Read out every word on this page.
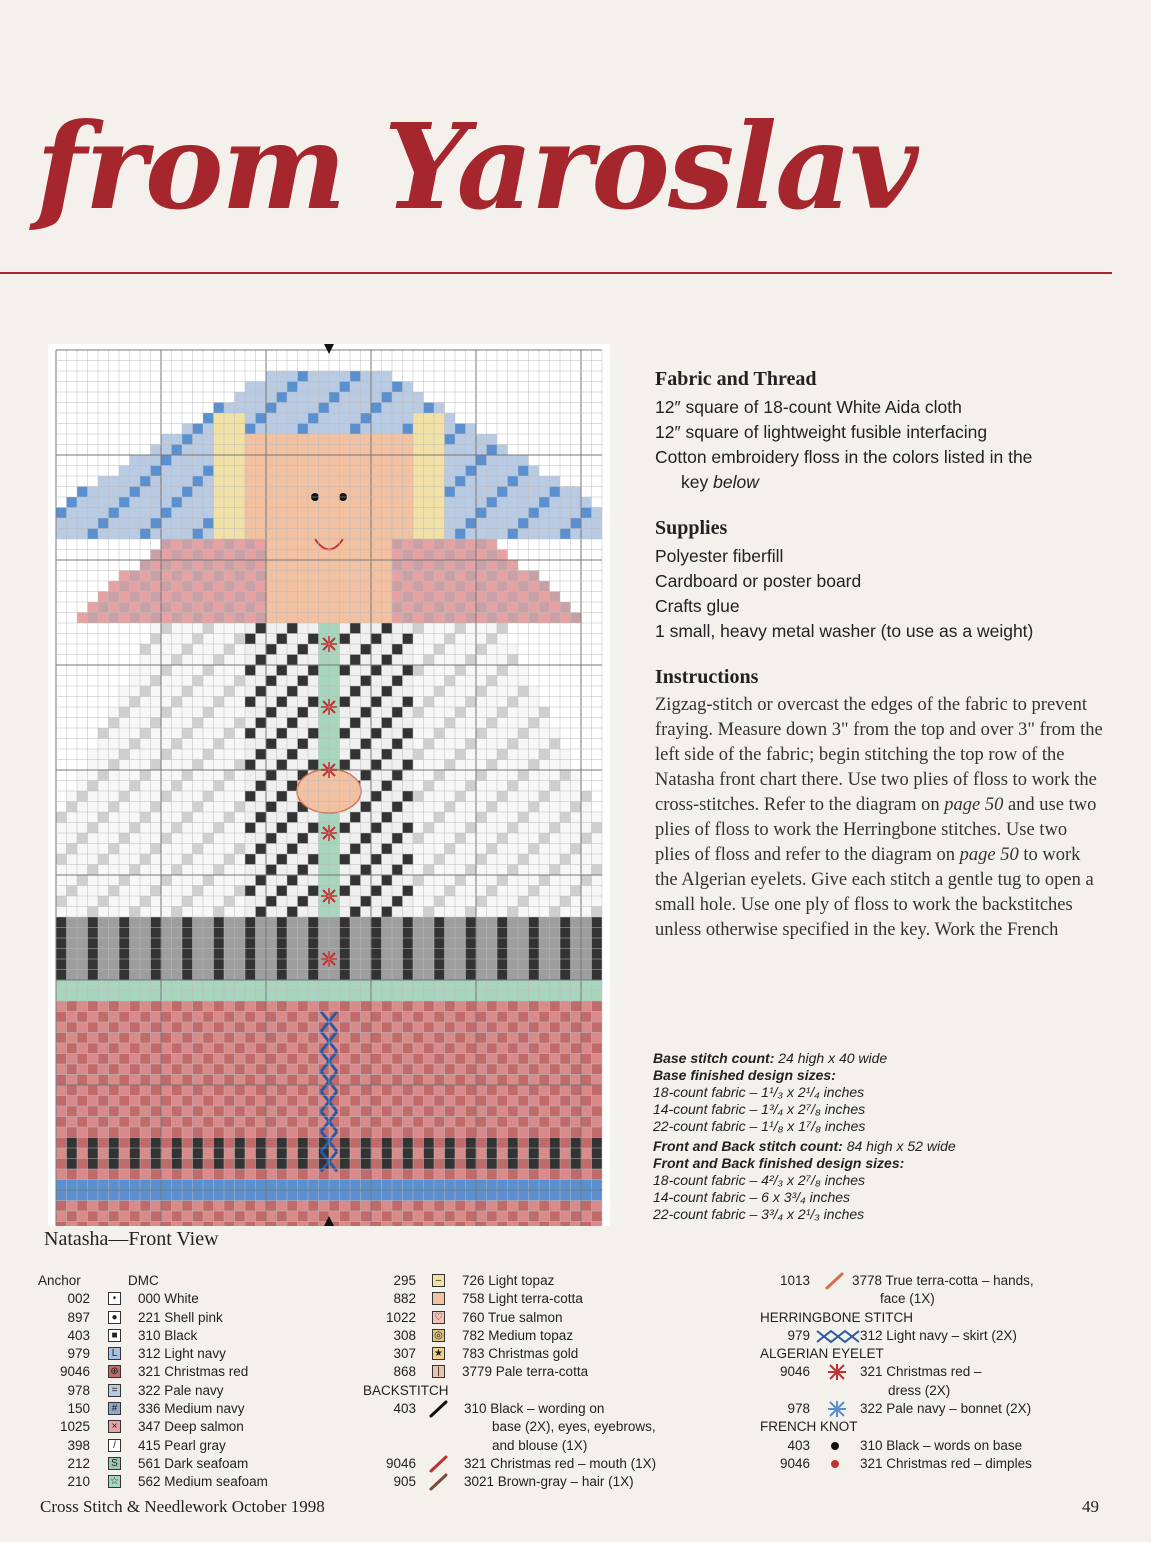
from Yaroslav
Natasha—Front View
Fabric and Thread
12″ square of 18-count White Aida cloth
12″ square of lightweight fusible interfacing
Cotton embroidery floss in the colors listed in the
key below
Supplies
Polyester fiberfill
Cardboard or poster board
Crafts glue
1 small, heavy metal washer (to use as a weight)
Instructions

Zigzag-stitch or overcast the edges of the fabric to prevent fraying. Measure down 3" from the top and over 3" from the left side of the fabric; begin stitching the top row of the Natasha front chart there. Use two plies of floss to work the cross-stitches. Refer to the diagram on page 50 and use two plies of floss to work the Herringbone stitches. Use two plies of floss and refer to the diagram on page 50 to work the Algerian eyelets. Give each stitch a gentle tug to open a small hole. Use one ply of floss to work the backstitches unless otherwise specified in the key. Work the French

Base stitch count: 24 high x 40 wide
Base finished design sizes:
18-count fabric – 1¹/₃ x 2¹/₄ inches
14-count fabric – 1³/₄ x 2⁷/₈ inches
22-count fabric – 1¹/₈ x 1⁷/₈ inches
Front and Back stitch count: 84 high x 52 wide
Front and Back finished design sizes:
18-count fabric – 4²/₃ x 2⁷/₈ inches
14-count fabric – 6 x 3³/₄ inches
22-count fabric – 3³/₄ x 2¹/₃ inches
Anchor	DMC
002	•	000 White
897	● 221 Shell pink
403	■ 310 Black
979	L 312 Light navy
9046 ⊕ 321 Christmas red
978	= 322 Pale navy
150	# 336 Medium navy
1025	× 347 Deep salmon
398	/	415 Pearl gray
212	S 561 Dark seafoam
210 ☆ 562 Medium seafoam
295	– 726 Light topaz
882	758 Light terra-cotta
1022 ♡ 760 True salmon
308 ◎ 782 Medium topaz
307 ★ 783 Christmas gold
868	|	3779 Pale terra-cotta
BACKSTITCH
403	310 Black – wording on
base (2X), eyes, eyebrows,
and blouse (1X)
9046	321 Christmas red – mouth (1X)
905	3021 Brown-gray – hair (1X)
1013	3778 True terra-cotta – hands,
face (1X)
HERRINGBONE STITCH
979	312 Light navy – skirt (2X)
ALGERIAN EYELET
9046	321 Christmas red –
dress (2X)
978	322 Pale navy – bonnet (2X)
FRENCH KNOT
403	310 Black – words on base
9046	321 Christmas red – dimples
Cross Stitch & Needlework October 1998	49
